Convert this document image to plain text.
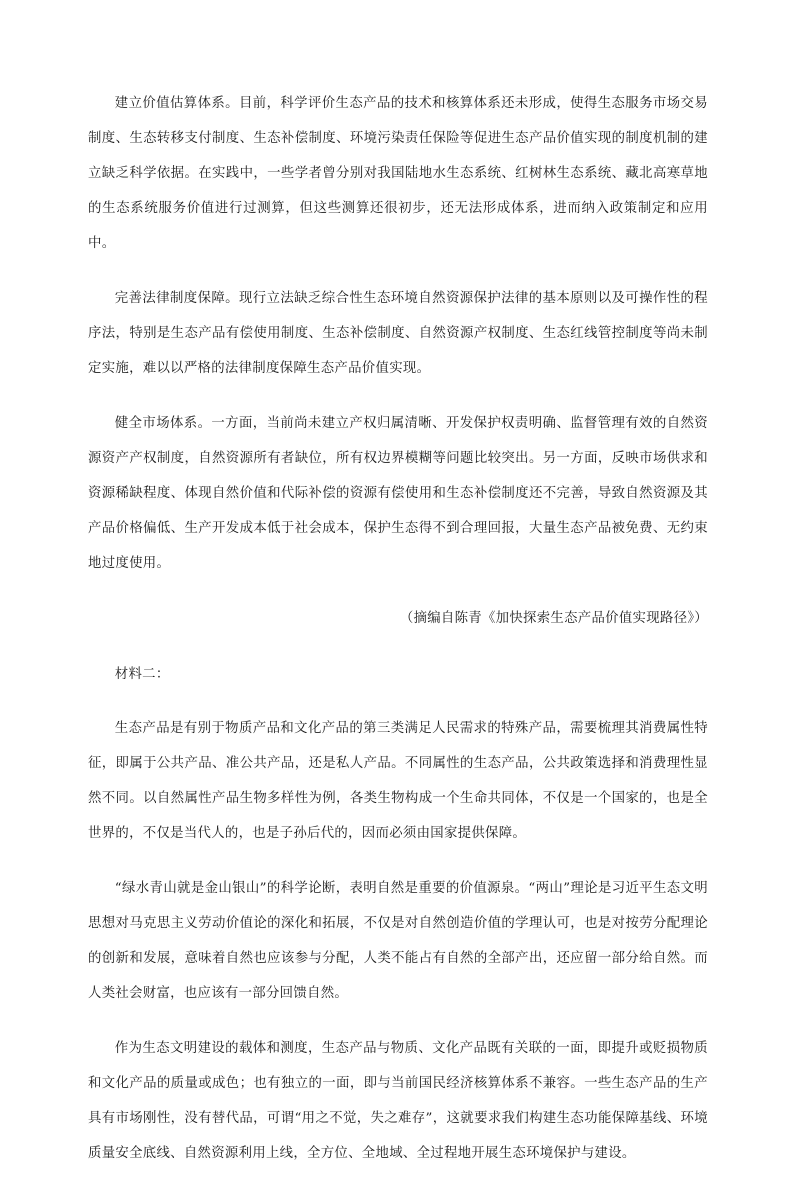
建立价值估算体系。目前，科学评价生态产品的技术和核算体系还未形成，使得生态服务市场交易制度、生态转移支付制度、生态补偿制度、环境污染责任保险等促进生态产品价值实现的制度机制的建立缺乏科学依据。在实践中，一些学者曾分别对我国陆地水生态系统、红树林生态系统、藏北高寒草地的生态系统服务价值进行过测算，但这些测算还很初步，还无法形成体系，进而纳入政策制定和应用中。

完善法律制度保障。现行立法缺乏综合性生态环境自然资源保护法律的基本原则以及可操作性的程序法，特别是生态产品有偿使用制度、生态补偿制度、自然资源产权制度、生态红线管控制度等尚未制定实施，难以以严格的法律制度保障生态产品价值实现。

健全市场体系。一方面，当前尚未建立产权归属清晰、开发保护权责明确、监督管理有效的自然资源资产产权制度，自然资源所有者缺位，所有权边界模糊等问题比较突出。另一方面，反映市场供求和资源稀缺程度、体现自然价值和代际补偿的资源有偿使用和生态补偿制度还不完善，导致自然资源及其产品价格偏低、生产开发成本低于社会成本，保护生态得不到合理回报，大量生态产品被免费、无约束地过度使用。

（摘编自陈青《加快探索生态产品价值实现路径》）

材料二：

生态产品是有别于物质产品和文化产品的第三类满足人民需求的特殊产品，需要梳理其消费属性特征，即属于公共产品、准公共产品，还是私人产品。不同属性的生态产品，公共政策选择和消费理性显然不同。以自然属性产品生物多样性为例，各类生物构成一个生命共同体，不仅是一个国家的，也是全世界的，不仅是当代人的，也是子孙后代的，因而必须由国家提供保障。

“绿水青山就是金山银山”的科学论断，表明自然是重要的价值源泉。“两山”理论是习近平生态文明思想对马克思主义劳动价值论的深化和拓展，不仅是对自然创造价值的学理认可，也是对按劳分配理论的创新和发展，意味着自然也应该参与分配，人类不能占有自然的全部产出，还应留一部分给自然。而人类社会财富，也应该有一部分回馈自然。

作为生态文明建设的载体和测度，生态产品与物质、文化产品既有关联的一面，即提升或贬损物质和文化产品的质量或成色；也有独立的一面，即与当前国民经济核算体系不兼容。一些生态产品的生产具有市场刚性，没有替代品，可谓“用之不觉，失之难存”，这就要求我们构建生态功能保障基线、环境质量安全底线、自然资源利用上线，全方位、全地域、全过程地开展生态环境保护与建设。
